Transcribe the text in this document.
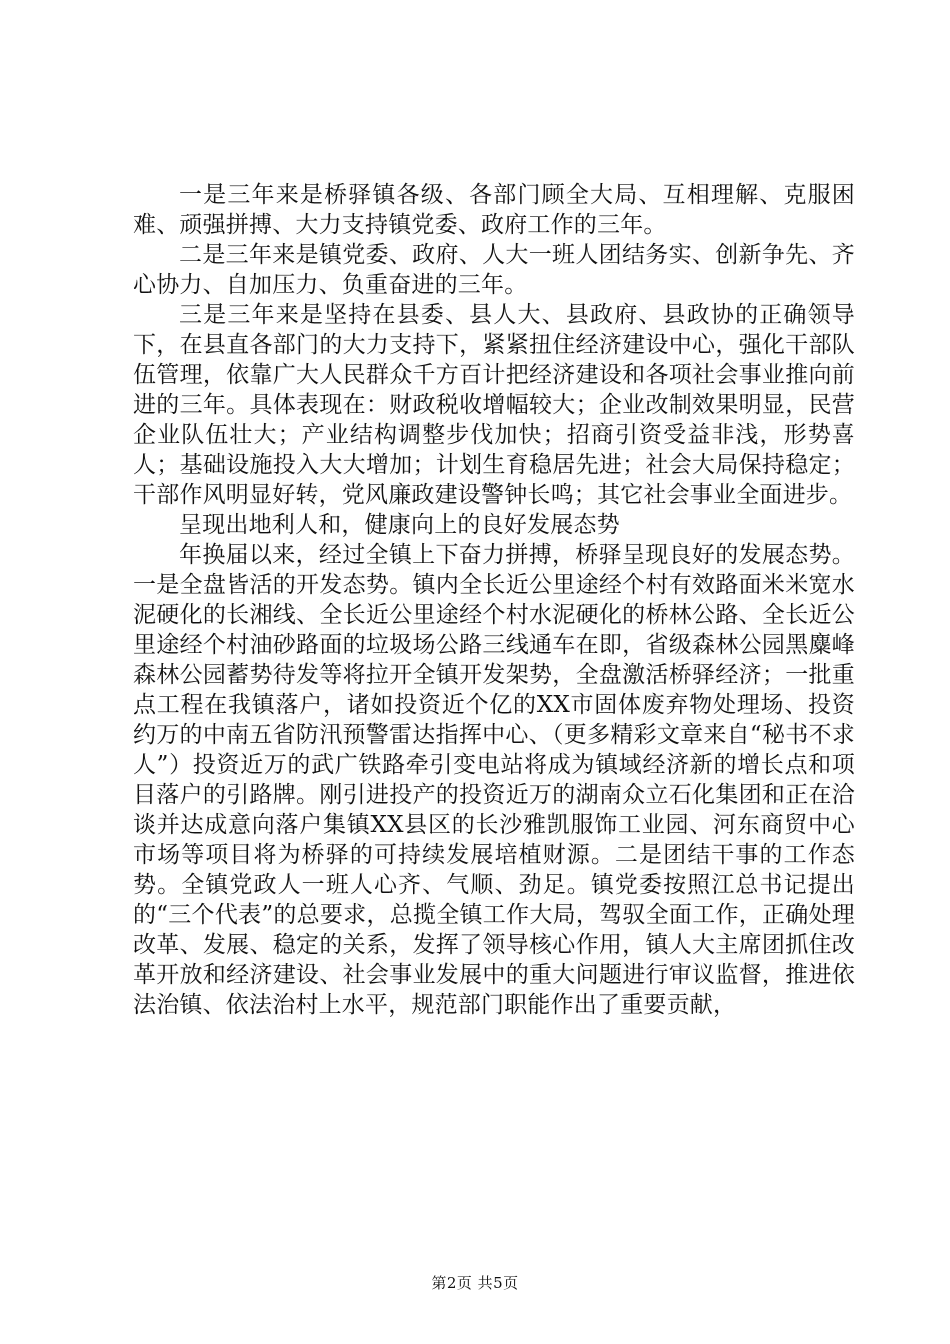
一是三年来是桥驿镇各级、各部门顾全大局、互相理解、克服困难、顽强拼搏、大力支持镇党委、政府工作的三年。

二是三年来是镇党委、政府、人大一班人团结务实、创新争先、齐心协力、自加压力、负重奋进的三年。

三是三年来是坚持在县委、县人大、县政府、县政协的正确领导下，在县直各部门的大力支持下，紧紧扭住经济建设中心，强化干部队伍管理，依靠广大人民群众千方百计把经济建设和各项社会事业推向前进的三年。具体表现在：财政税收增幅较大；企业改制效果明显，民营企业队伍壮大；产业结构调整步伐加快；招商引资受益非浅，形势喜人；基础设施投入大大增加；计划生育稳居先进；社会大局保持稳定；干部作风明显好转，党风廉政建设警钟长鸣；其它社会事业全面进步。

呈现出地利人和，健康向上的良好发展态势

年换届以来，经过全镇上下奋力拼搏，桥驿呈现良好的发展态势。一是全盘皆活的开发态势。镇内全长近公里途经个村有效路面米米宽水泥硬化的长湘线、全长近公里途经个村水泥硬化的桥林公路、全长近公里途经个村油砂路面的垃圾场公路三线通车在即，省级森林公园黑麋峰森林公园蓄势待发等将拉开全镇开发架势，全盘激活桥驿经济；一批重点工程在我镇落户，诸如投资近个亿的XX市固体废弃物处理场、投资约万的中南五省防汛预警雷达指挥中心、（更多精彩文章来自“秘书不求人”）投资近万的武广铁路牵引变电站将成为镇域经济新的增长点和项目落户的引路牌。刚引进投产的投资近万的湖南众立石化集团和正在洽谈并达成意向落户集镇XX县区的长沙雅凯服饰工业园、河东商贸中心市场等项目将为桥驿的可持续发展培植财源。二是团结干事的工作态势。全镇党政人一班人心齐、气顺、劲足。镇党委按照江总书记提出的“三个代表”的总要求，总揽全镇工作大局，驾驭全面工作，正确处理改革、发展、稳定的关系，发挥了领导核心作用，镇人大主席团抓住改革开放和经济建设、社会事业发展中的重大问题进行审议监督，推进依法治镇、依法治村上水平，规范部门职能作出了重要贡献，

第2页 共5页
